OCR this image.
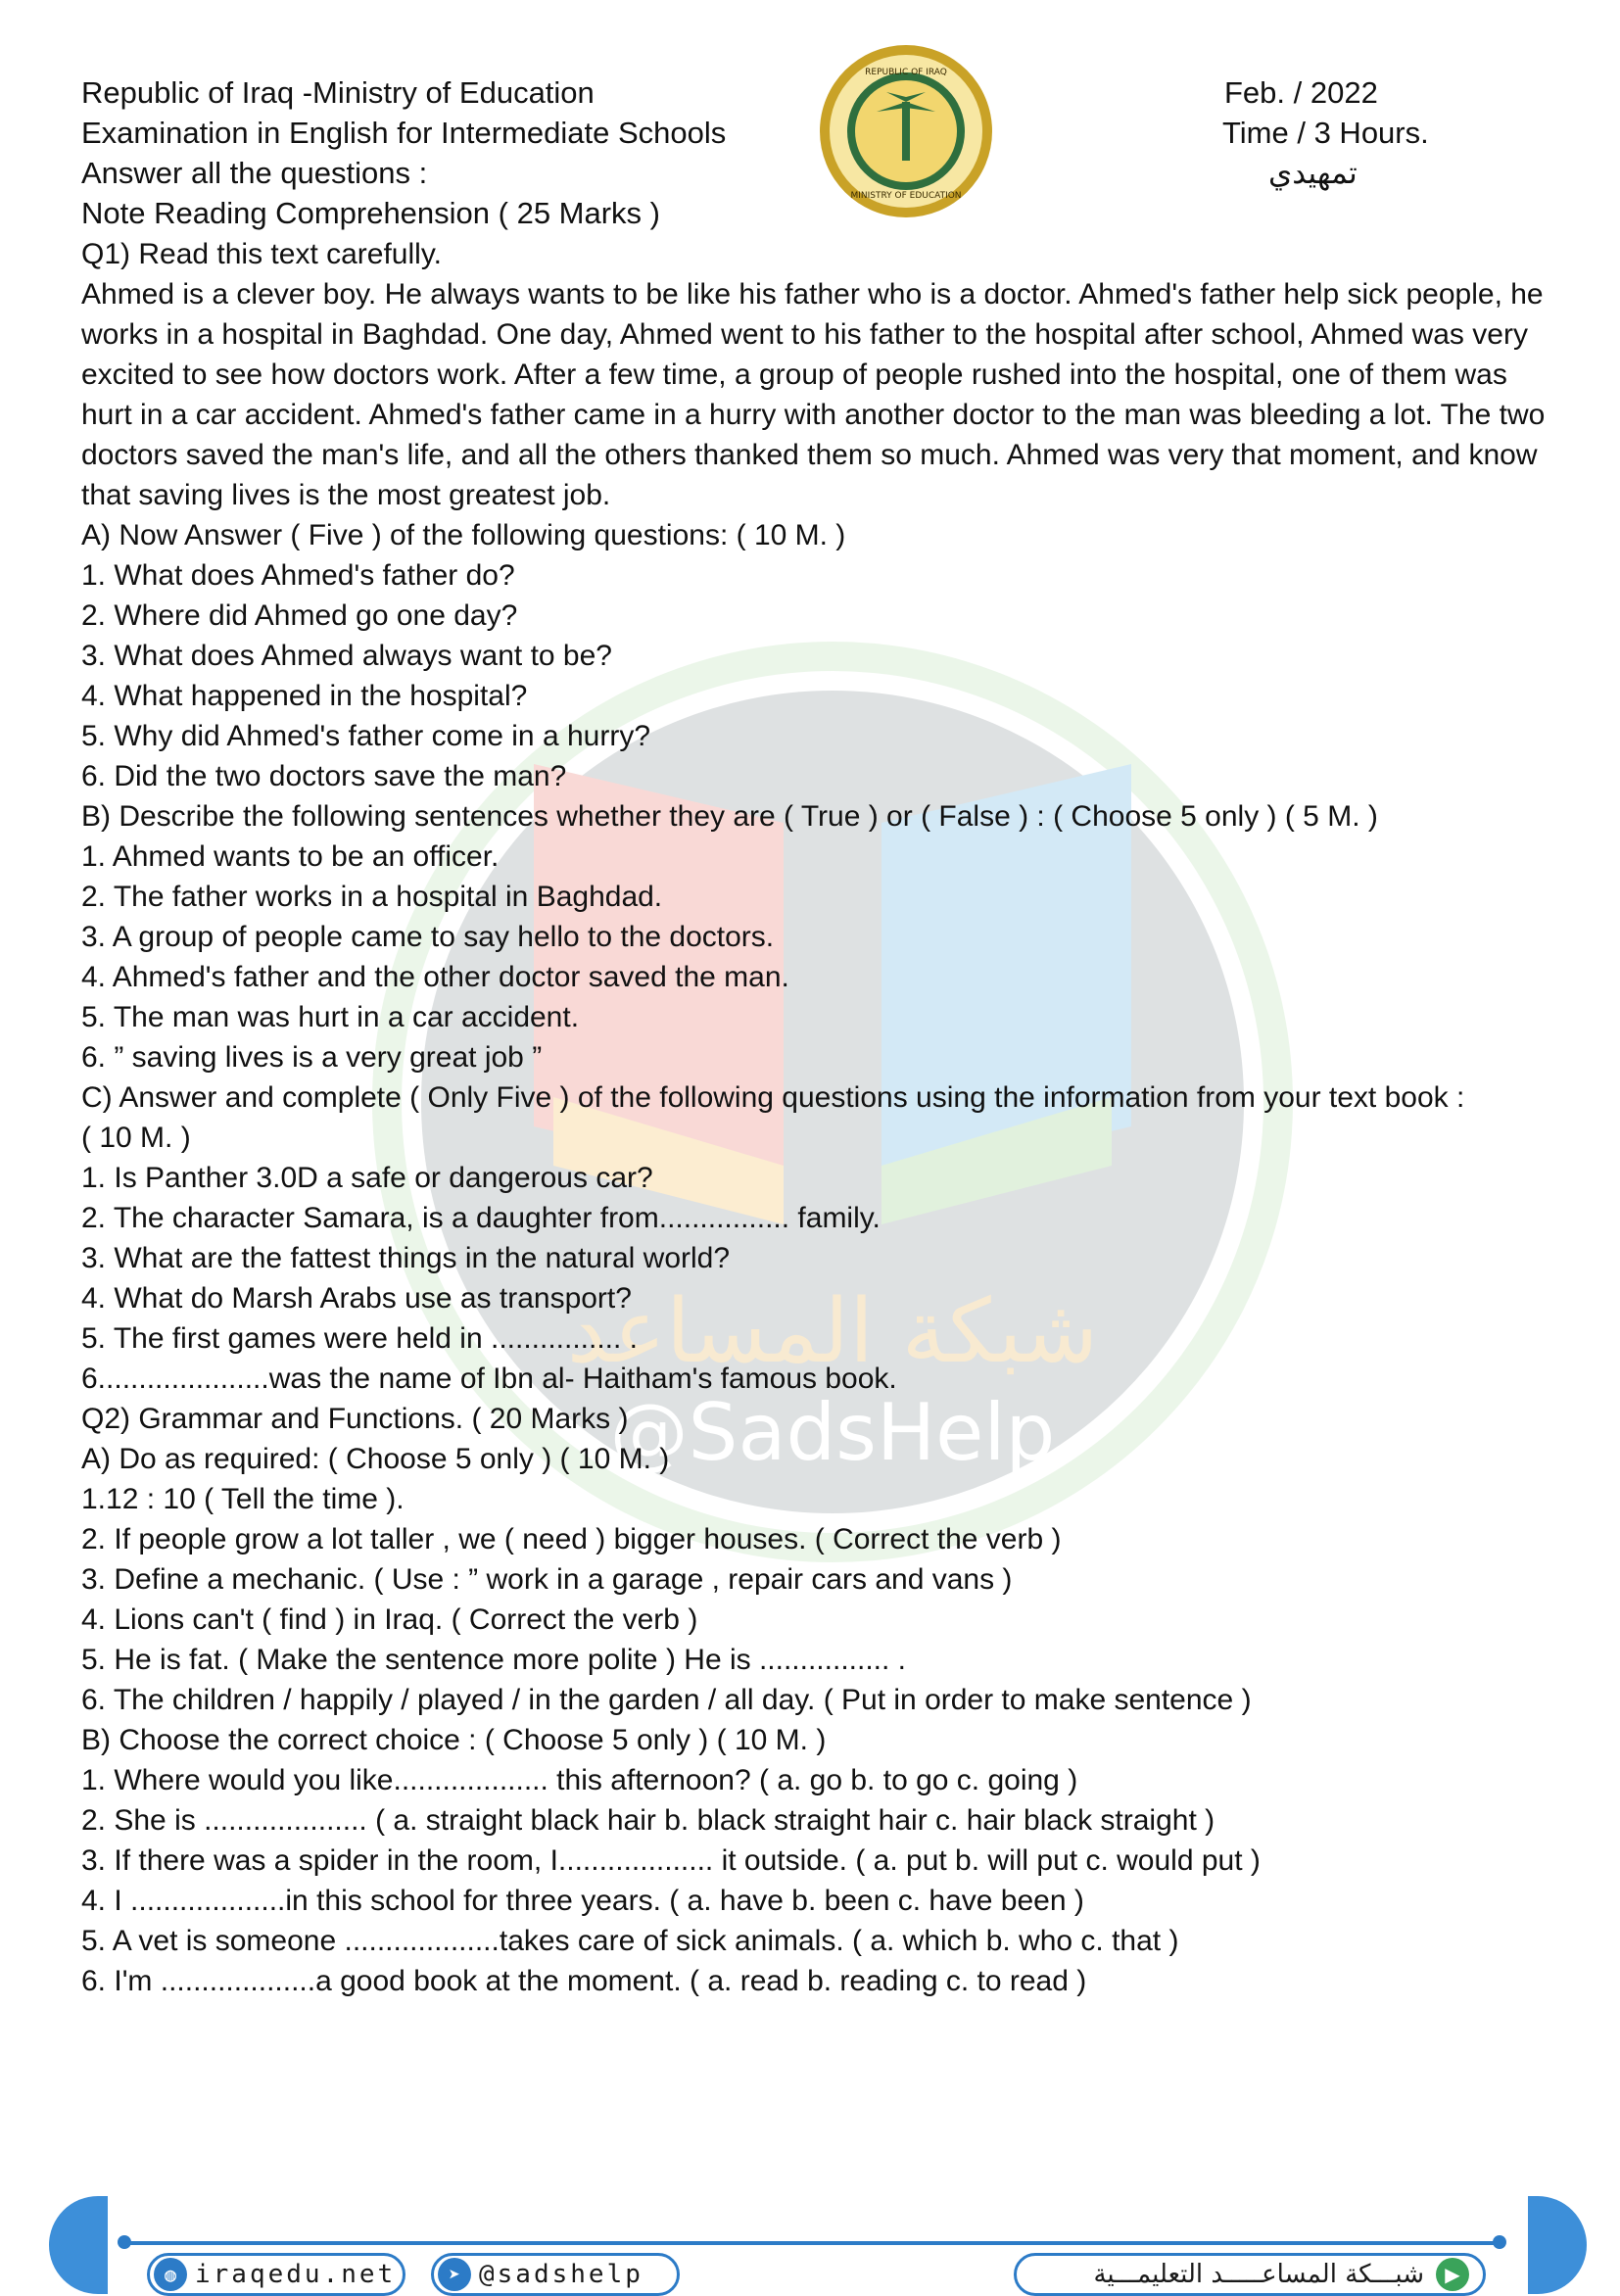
شبكة المساعد
@SadsHelp
Republic of Iraq -Ministry of Education
Examination in English for Intermediate Schools
Answer all the questions :
Note Reading Comprehension ( 25 Marks )
REPUBLIC OF IRAQ
MINISTRY OF EDUCATION
Feb. / 2022
Time / 3 Hours.
تمهيدي
Q1) Read this text carefully.
Ahmed is a clever boy. He always wants to be like his father who is a doctor. Ahmed's father help sick people, he works in a hospital in Baghdad. One day, Ahmed went to his father to the hospital after school, Ahmed was very excited to see how doctors work. After a few time, a group of people rushed into the hospital, one of them was hurt in a car accident. Ahmed's father came in a hurry with another doctor to the man was bleeding a lot. The two doctors saved the man's life, and all the others thanked them so much. Ahmed was very that moment, and know that saving lives is the most greatest job.
A) Now Answer ( Five ) of the following questions: ( 10 M. )
1. What does Ahmed's father do?
2. Where did Ahmed go one day?
3. What does Ahmed always want to be?
4. What happened in the hospital?
5. Why did Ahmed's father come in a hurry?
6. Did the two doctors save the man?
B) Describe the following sentences whether they are ( True ) or ( False ) : ( Choose 5 only ) ( 5 M. )
1. Ahmed wants to be an officer.
2. The father works in a hospital in Baghdad.
3. A group of people came to say hello to the doctors.
4. Ahmed's father and the other doctor saved the man.
5. The man was hurt in a car accident.
6. ” saving lives is a very great job ”
C) Answer and complete ( Only Five ) of the following questions using the information from your text book :
( 10 M. )
1. Is Panther 3.0D a safe or dangerous car?
2. The character Samara, is a daughter from................ family.
3. What are the fattest things in the natural world?
4. What do Marsh Arabs use as transport?
5. The first games were held in ................ .
6.....................was the name of Ibn al- Haitham's famous book.
Q2) Grammar and Functions. ( 20 Marks )
A) Do as required: ( Choose 5 only ) ( 10 M. )
1.12 : 10 ( Tell the time ).
2. If people grow a lot taller , we ( need ) bigger houses. ( Correct the verb )
3. Define a mechanic. ( Use : ” work in a garage , repair cars and vans )
4. Lions can't ( find ) in Iraq. ( Correct the verb )
5. He is fat. ( Make the sentence more polite ) He is ................ .
6. The children / happily / played / in the garden / all day. ( Put in order to make sentence )
B) Choose the correct choice : ( Choose 5 only ) ( 10 M. )
1. Where would you like................... this afternoon? ( a. go b. to go c. going )
2. She is .................... ( a. straight black hair b. black straight hair c. hair black straight )
3. If there was a spider in the room, I................... it outside. ( a. put b. will put c. would put )
4. I ...................in this school for three years. ( a. have b. been c. have been )
5. A vet is someone ...................takes care of sick animals. ( a. which b. who c. that )
6. I'm ...................a good book at the moment. ( a. read b. reading c. to read )
◍ iraqedu.net	➤ @sadshelp	شبـــكة المساعـــــد التعليمـــية	▶
